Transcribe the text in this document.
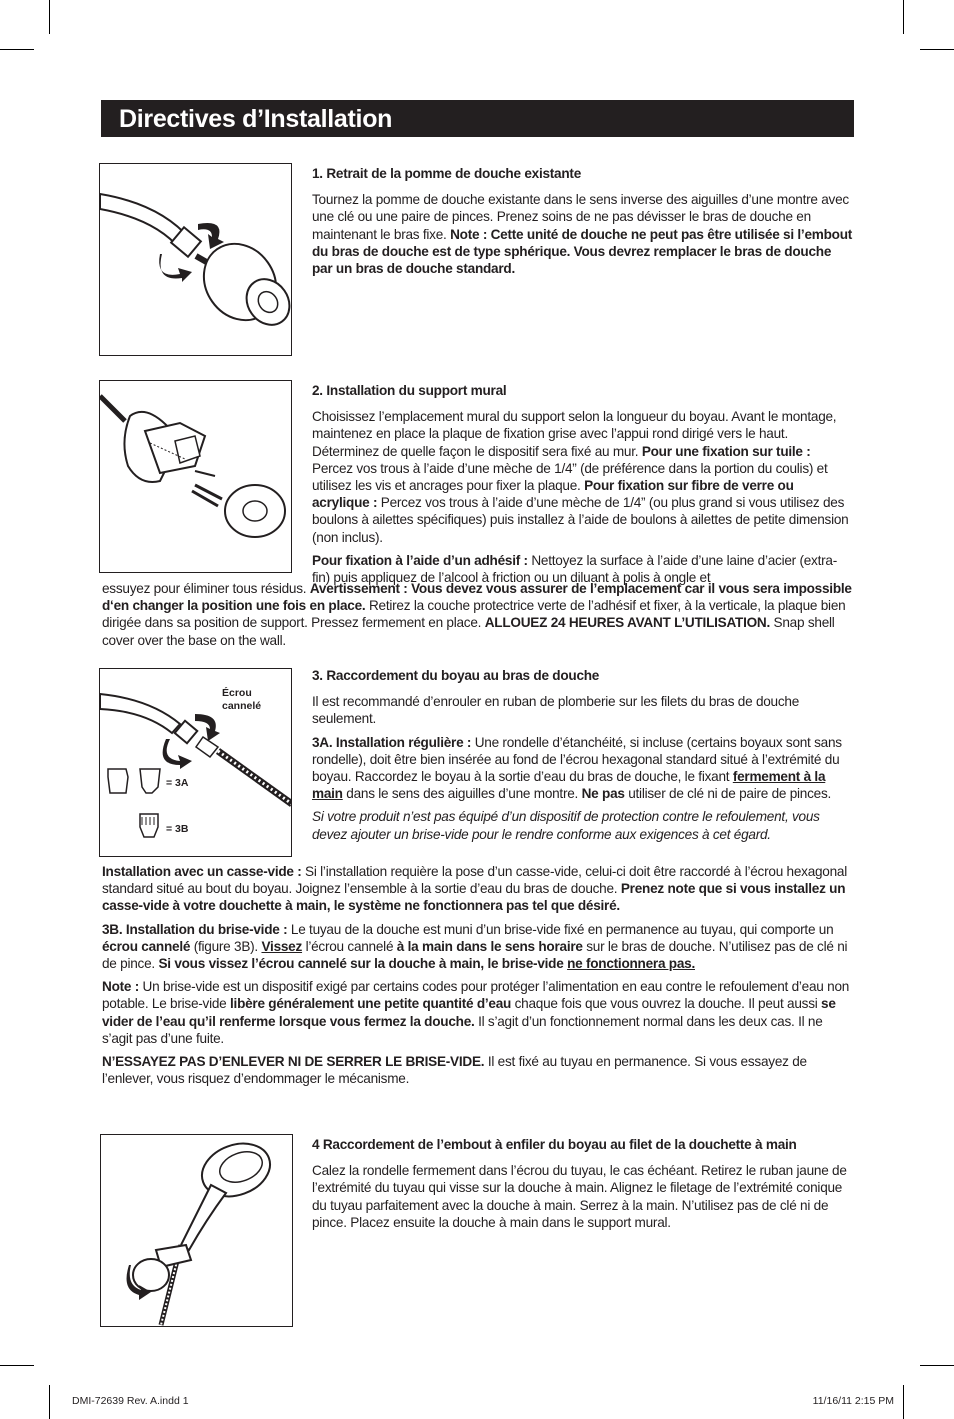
Directives d’Installation
1. Retrait de la pomme de douche existante

Tournez la pomme de douche existante dans le sens inverse des aiguilles d’une montre avec une clé ou une paire de pinces. Prenez soins de ne pas dévisser le bras de douche en maintenant le bras fixe. Note : Cette unité de douche ne peut pas être utilisée si l’embout du bras de douche est de type sphérique. Vous devrez remplacer le bras de douche par un bras de douche standard.

2. Installation du support mural

Choisissez l’emplacement mural du support selon la longueur du boyau. Avant le montage, maintenez en place la plaque de fixation grise avec l’appui rond dirigé vers le haut. Déterminez de quelle façon le dispositif sera fixé au mur. Pour une fixation sur tuile : Percez vos trous à l’aide d’une mèche de 1/4” (de préférence dans la portion du coulis) et utilisez les vis et ancrages pour fixer la plaque. Pour fixation sur fibre de verre ou acrylique : Percez vos trous à l’aide d’une mèche de 1/4” (ou plus grand si vous utilisez des boulons à ailettes spécifiques) puis installez à l’aide de boulons à ailettes de petite dimension (non inclus).

Pour fixation à l’aide d’un adhésif : Nettoyez la surface à l’aide d’une laine d’acier (extra-fin) puis appliquez de l’alcool à friction ou un diluant à polis à ongle et

essuyez pour éliminer tous résidus. Avertissement : Vous devez vous assurer de l’emplacement car il vous sera impossible d‘en changer la position une fois en place. Retirez la couche protectrice verte de l’adhésif et fixer, à la verticale, la plaque bien dirigée dans sa position de support. Pressez fermement en place. ALLOUEZ 24 HEURES AVANT L’UTILISATION. Snap shell cover over the base on the wall.

Écrou cannelé
= 3A
= 3B
3. Raccordement du boyau au bras de douche

Il est recommandé d’enrouler en ruban de plomberie sur les filets du bras de douche seulement.

3A. Installation régulière : Une rondelle d’étanchéité, si incluse (certains boyaux sont sans rondelle), doit être bien insérée au fond de l’écrou hexagonal standard situé à l’extrémité du boyau. Raccordez le boyau à la sortie d’eau du bras de douche, le fixant fermement à la main dans le sens des aiguilles d’une montre. Ne pas utiliser de clé ni de paire de pinces.

Si votre produit n’est pas équipé d’un dispositif de protection contre le refoulement, vous devez ajouter un brise-vide pour le rendre conforme aux exigences à cet égard.

Installation avec un casse-vide : Si l’installation requière la pose d’un casse-vide, celui-ci doit être raccordé à l’écrou hexagonal standard situé au bout du boyau. Joignez l’ensemble à la sortie d’eau du bras de douche. Prenez note que si vous installez un casse-vide à votre douchette à main, le système ne fonctionnera pas tel que désiré.

3B. Installation du brise-vide : Le tuyau de la douche est muni d’un brise-vide fixé en permanence au tuyau, qui comporte un écrou cannelé (figure 3B). Vissez l’écrou cannelé à la main dans le sens horaire sur le bras de douche. N’utilisez pas de clé ni de pince. Si vous vissez l’écrou cannelé sur la douche à main, le brise-vide ne fonctionnera pas.

Note : Un brise-vide est un dispositif exigé par certains codes pour protéger l’alimentation en eau contre le refoulement d’eau non potable. Le brise-vide libère généralement une petite quantité d’eau chaque fois que vous ouvrez la douche. Il peut aussi se vider de l’eau qu’il renferme lorsque vous fermez la douche. Il s’agit d’un fonctionnement normal dans les deux cas. Il ne s’agit pas d’une fuite.

N’ESSAYEZ PAS D’ENLEVER NI DE SERRER LE BRISE-VIDE. Il est fixé au tuyau en permanence. Si vous essayez de l’enlever, vous risquez d’endommager le mécanisme.

4 Raccordement de l’embout à enfiler du boyau au filet de la douchette à main

Calez la rondelle fermement dans l’écrou du tuyau, le cas échéant. Retirez le ruban jaune de l’extrémité du tuyau qui visse sur la douche à main. Alignez le filetage de l’extrémité conique du tuyau parfaitement avec la douche à main. Serrez à la main. N’utilisez pas de clé ni de pince. Placez ensuite la douche à main dans le support mural.

DMI-72639 Rev. A.indd 1	11/16/11 2:15 PM
